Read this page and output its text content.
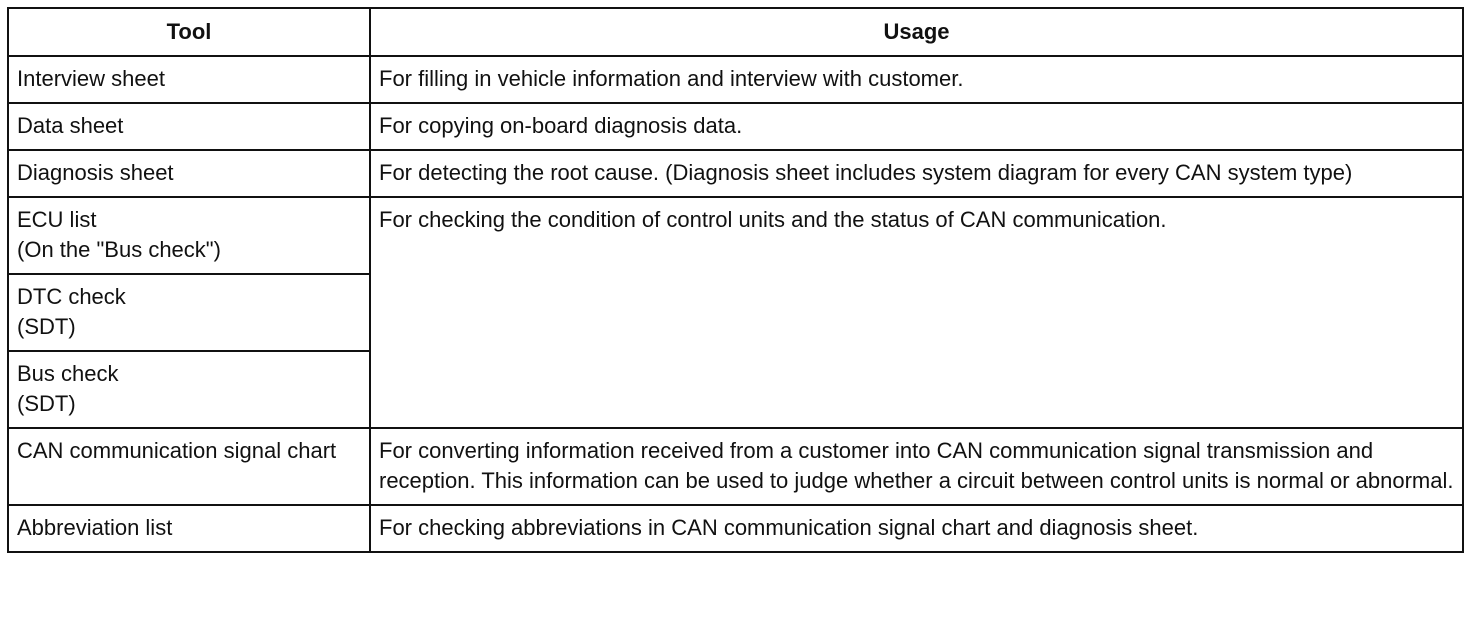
Tool	Usage

Interview sheet	For filling in vehicle information and interview with customer.

Data sheet	For copying on-board diagnosis data.

Diagnosis sheet	For detecting the root cause. (Diagnosis sheet includes system diagram for every CAN system type)

ECU list
(On the "Bus check")	For checking the condition of control units and the status of CAN communication.

DTC check
(SDT)	

Bus check
(SDT)	

CAN communication signal chart	For converting information received from a customer into CAN communication signal transmission and reception. This information can be used to judge whether a circuit between control units is normal or abnormal.

Abbreviation list	For checking abbreviations in CAN communication signal chart and diagnosis sheet.
